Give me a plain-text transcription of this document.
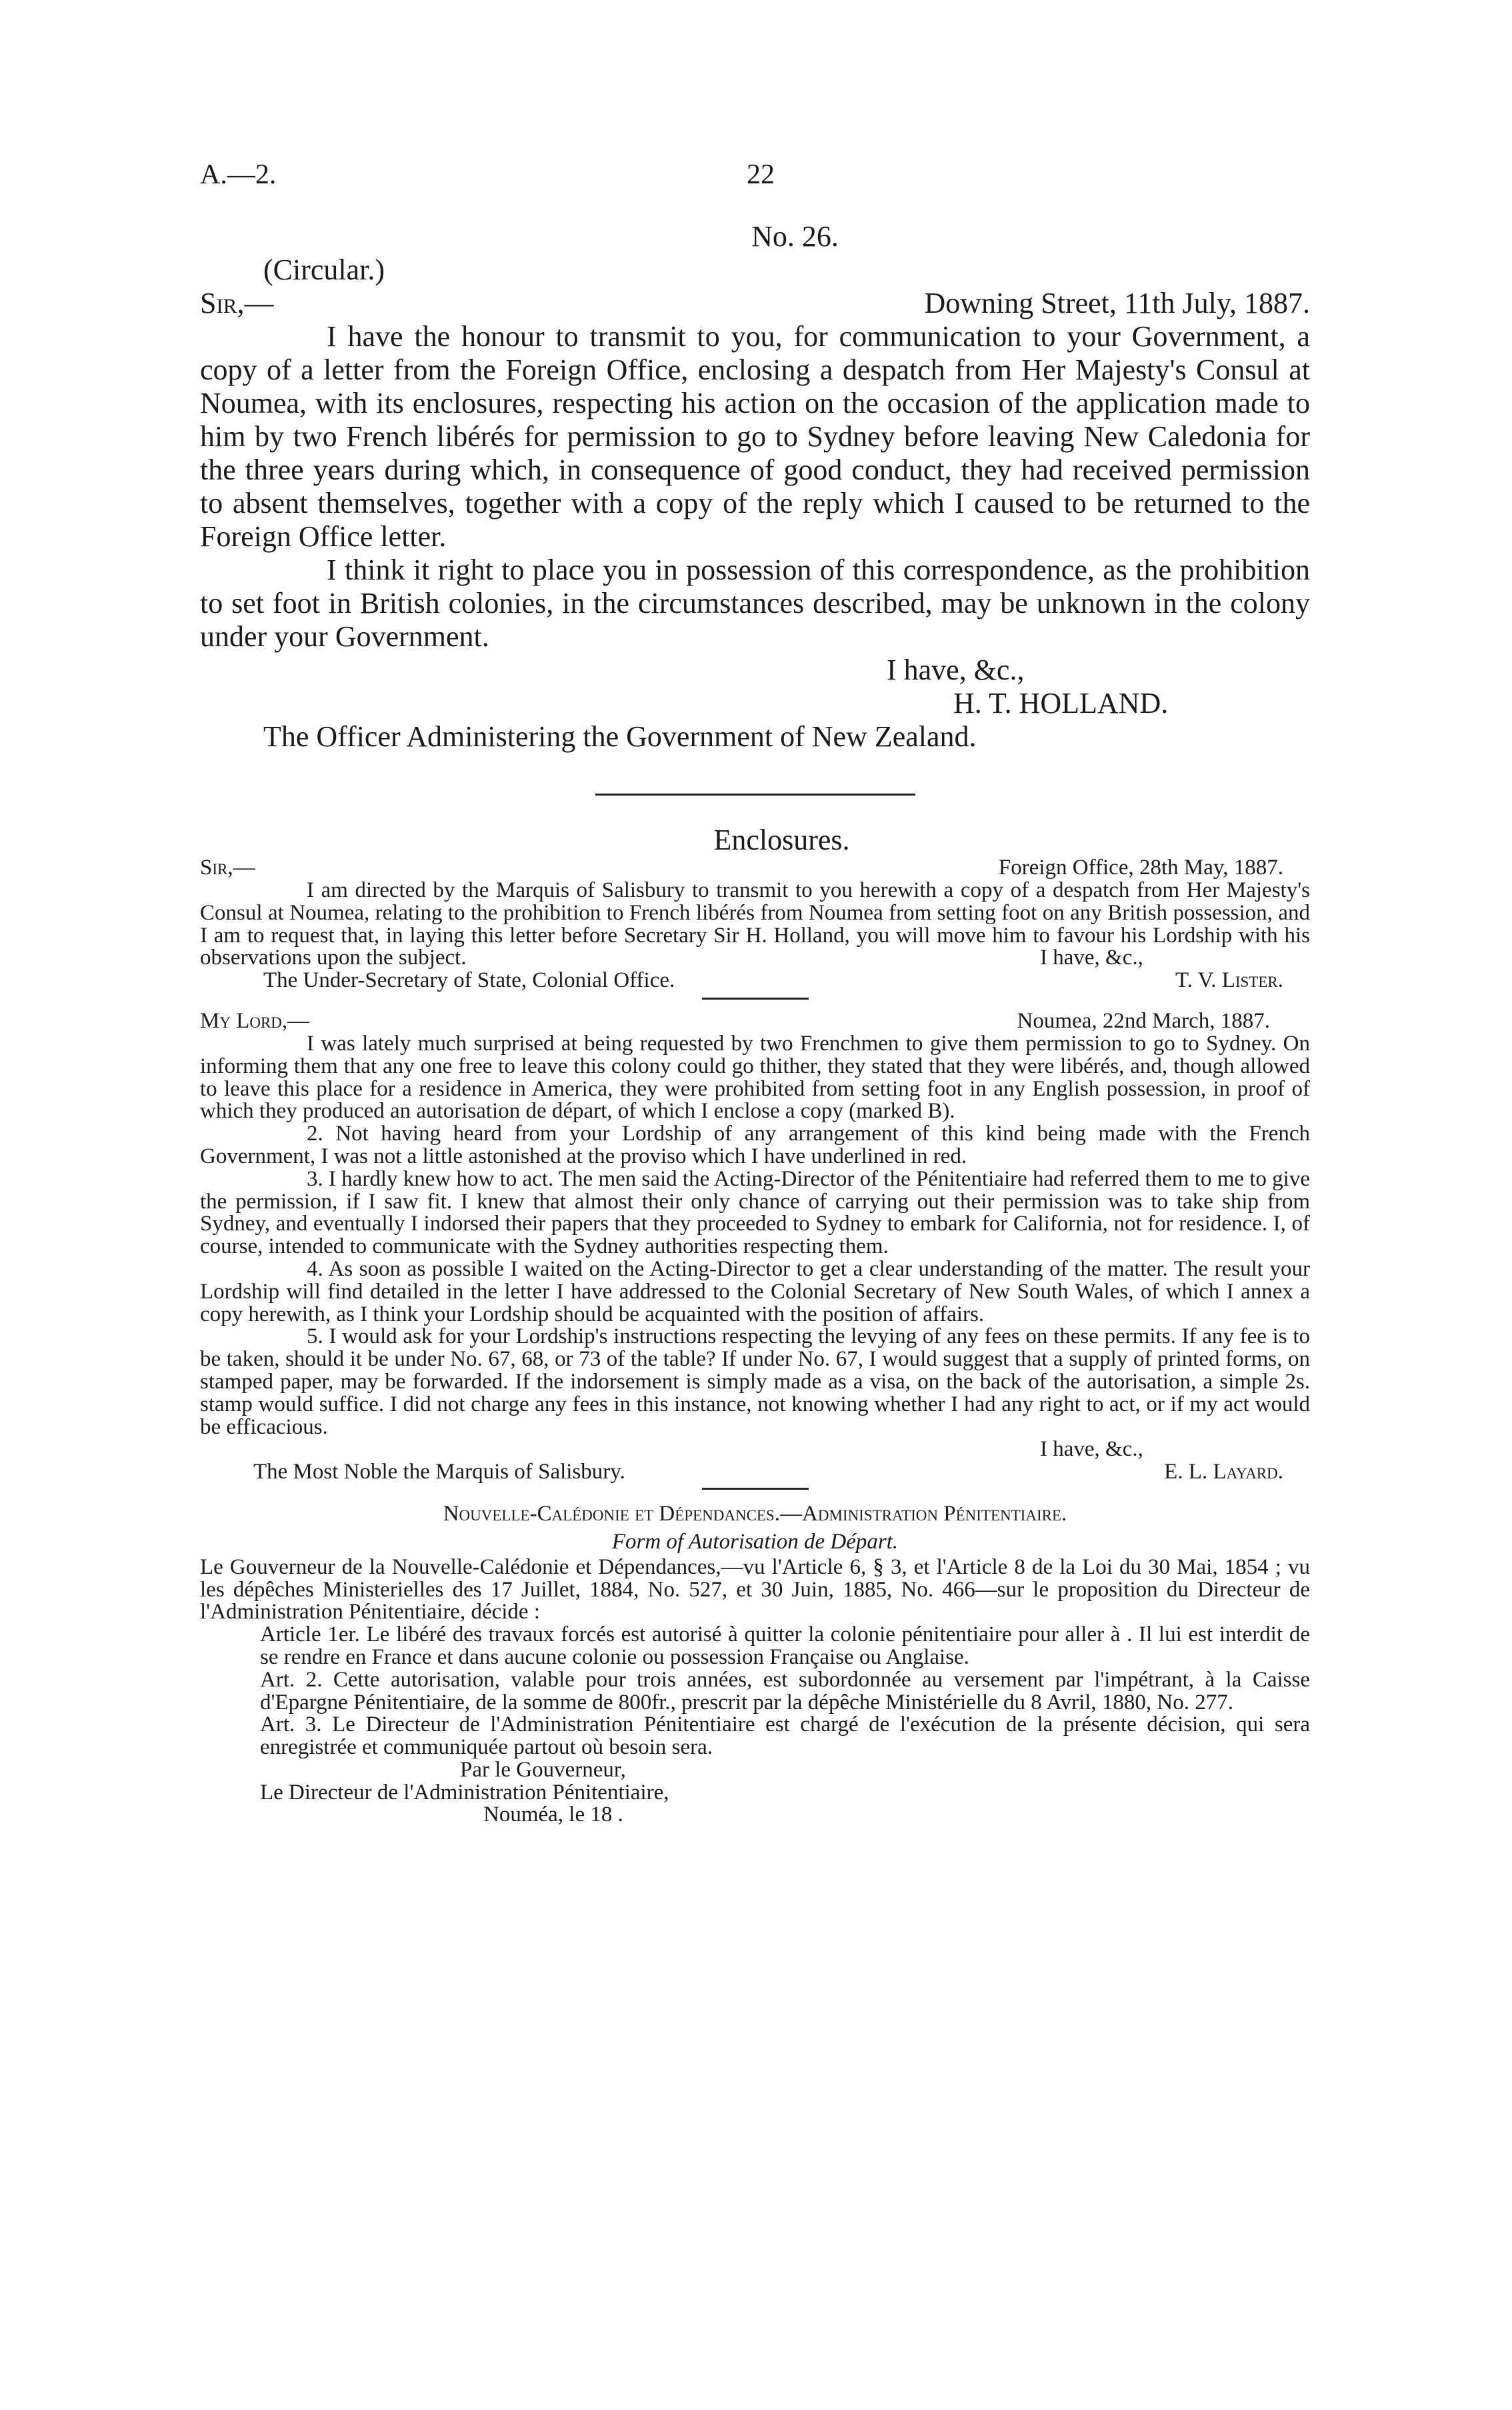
A.—2.	22
No. 26.
(Circular.)
Sir,—	Downing Street, 11th July, 1887.
I have the honour to transmit to you, for communication to your Government, a copy of a letter from the Foreign Office, enclosing a despatch from Her Majesty's Consul at Noumea, with its enclosures, respecting his action on the occasion of the application made to him by two French libérés for permission to go to Sydney before leaving New Caledonia for the three years during which, in consequence of good conduct, they had received permission to absent themselves, together with a copy of the reply which I caused to be returned to the Foreign Office letter.
I think it right to place you in possession of this correspondence, as the prohibition to set foot in British colonies, in the circumstances described, may be unknown in the colony under your Government.
I have, &c.,
H. T. HOLLAND.
The Officer Administering the Government of New Zealand.
Enclosures.
Sir,—	Foreign Office, 28th May, 1887.
I am directed by the Marquis of Salisbury to transmit to you herewith a copy of a despatch from Her Majesty's Consul at Noumea, relating to the prohibition to French libérés from Noumea from setting foot on any British possession, and I am to request that, in laying this letter before Secretary Sir H. Holland, you will move him to favour his Lordship with his observations upon the subject.	I have, &c.,
The Under-Secretary of State, Colonial Office.	T. V. Lister.
My Lord,—	Noumea, 22nd March, 1887.
I was lately much surprised at being requested by two Frenchmen to give them permission to go to Sydney. On informing them that any one free to leave this colony could go thither, they stated that they were libérés, and, though allowed to leave this place for a residence in America, they were prohibited from setting foot in any English possession, in proof of which they produced an autorisation de départ, of which I enclose a copy (marked B).
2. Not having heard from your Lordship of any arrangement of this kind being made with the French Government, I was not a little astonished at the proviso which I have underlined in red.
3. I hardly knew how to act. The men said the Acting-Director of the Pénitentiaire had referred them to me to give the permission, if I saw fit. I knew that almost their only chance of carrying out their permission was to take ship from Sydney, and eventually I indorsed their papers that they proceeded to Sydney to embark for California, not for residence. I, of course, intended to communicate with the Sydney authorities respecting them.
4. As soon as possible I waited on the Acting-Director to get a clear understanding of the matter. The result your Lordship will find detailed in the letter I have addressed to the Colonial Secretary of New South Wales, of which I annex a copy herewith, as I think your Lordship should be acquainted with the position of affairs.
5. I would ask for your Lordship's instructions respecting the levying of any fees on these permits. If any fee is to be taken, should it be under No. 67, 68, or 73 of the table? If under No. 67, I would suggest that a supply of printed forms, on stamped paper, may be forwarded. If the indorsement is simply made as a visa, on the back of the autorisation, a simple 2s. stamp would suffice. I did not charge any fees in this instance, not knowing whether I had any right to act, or if my act would be efficacious.
I have, &c.,
The Most Noble the Marquis of Salisbury.	E. L. Layard.
Nouvelle-Calédonie et Dépendances.—Administration Pénitentiaire.
Form of Autorisation de Départ.
Le Gouverneur de la Nouvelle-Calédonie et Dépendances,—vu l'Article 6, § 3, et l'Article 8 de la Loi du 30 Mai, 1854 ; vu les dépêches Ministerielles des 17 Juillet, 1884, No. 527, et 30 Juin, 1885, No. 466—sur le proposition du Directeur de l'Administration Pénitentiaire, décide :
Article 1er. Le libéré des travaux forcés est autorisé à quitter la colonie pénitentiaire pour aller à . Il lui est interdit de se rendre en France et dans aucune colonie ou possession Française ou Anglaise.
Art. 2. Cette autorisation, valable pour trois années, est subordonnée au versement par l'impétrant, à la Caisse d'Epargne Pénitentiaire, de la somme de 800fr., prescrit par la dépêche Ministérielle du 8 Avril, 1880, No. 277.
Art. 3. Le Directeur de l'Administration Pénitentiaire est chargé de l'exécution de la présente décision, qui sera enregistrée et communiquée partout où besoin sera.
Par le Gouverneur,
Le Directeur de l'Administration Pénitentiaire,
Nouméa, le 18 .
